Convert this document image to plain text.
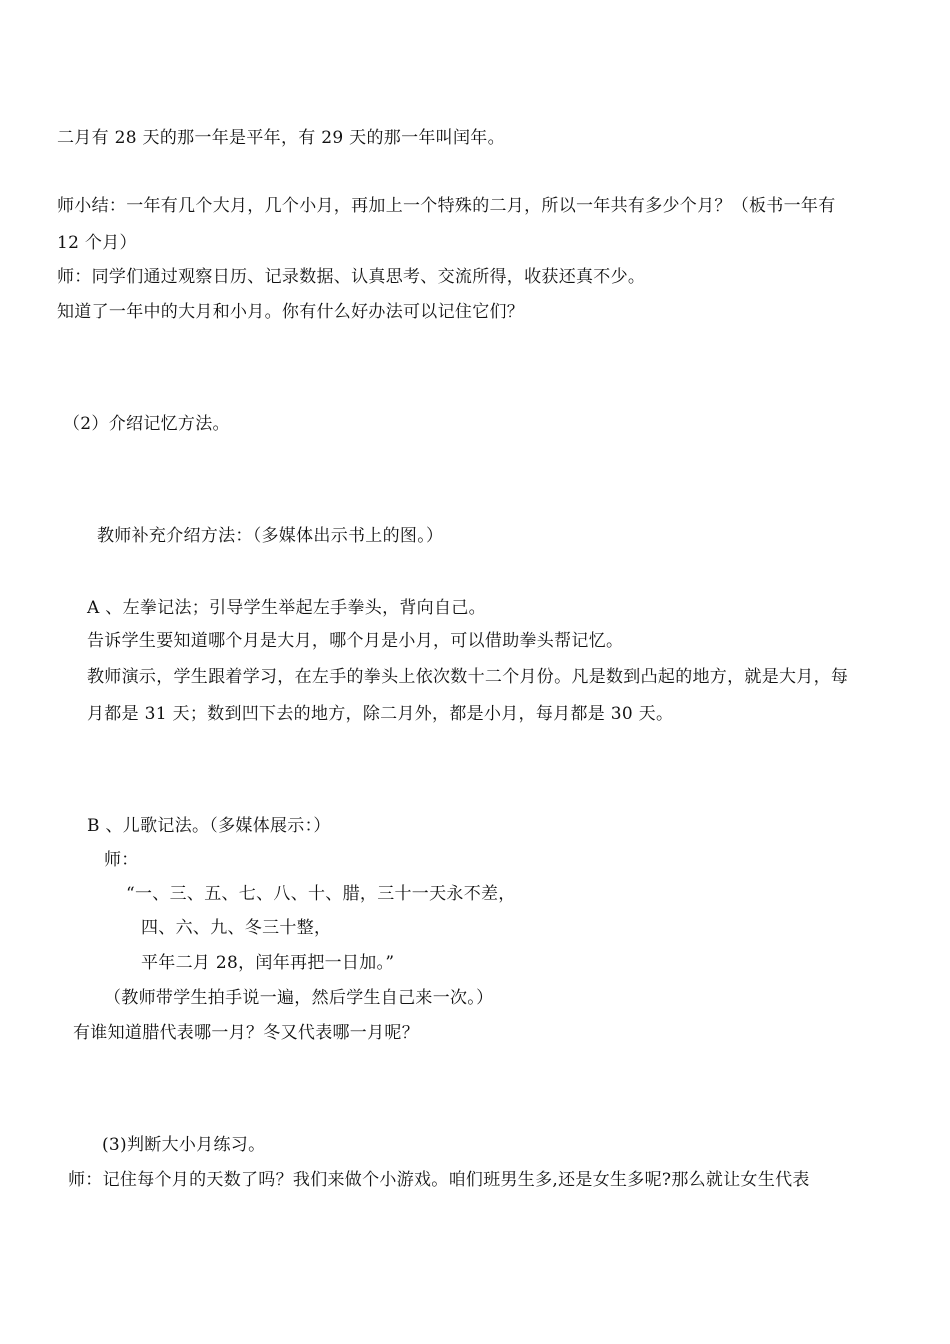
二月有 28 天的那一年是平年，有 29 天的那一年叫闰年。
师小结：一年有几个大月，几个小月，再加上一个特殊的二月，所以一年共有多少个月？（板书一年有
12 个月）
师：同学们通过观察日历、记录数据、认真思考、交流所得，收获还真不少。
知道了一年中的大月和小月。你有什么好办法可以记住它们？
（2）介绍记忆方法。
教师补充介绍方法：（多媒体出示书上的图。）
A 、左拳记法；引导学生举起左手拳头，背向自己。
告诉学生要知道哪个月是大月，哪个月是小月，可以借助拳头帮记忆。
教师演示，学生跟着学习，在左手的拳头上依次数十二个月份。凡是数到凸起的地方，就是大月，每
月都是 31 天；数到凹下去的地方，除二月外，都是小月，每月都是 30 天。
B 、儿歌记法。（多媒体展示：）
师：
“一、三、五、七、八、十、腊，三十一天永不差，
四、六、九、冬三十整，
平年二月 28，闰年再把一日加。”
（教师带学生拍手说一遍，然后学生自己来一次。）
有谁知道腊代表哪一月？冬又代表哪一月呢？
(3)判断大小月练习。
师：记住每个月的天数了吗？我们来做个小游戏。咱们班男生多,还是女生多呢?那么就让女生代表
